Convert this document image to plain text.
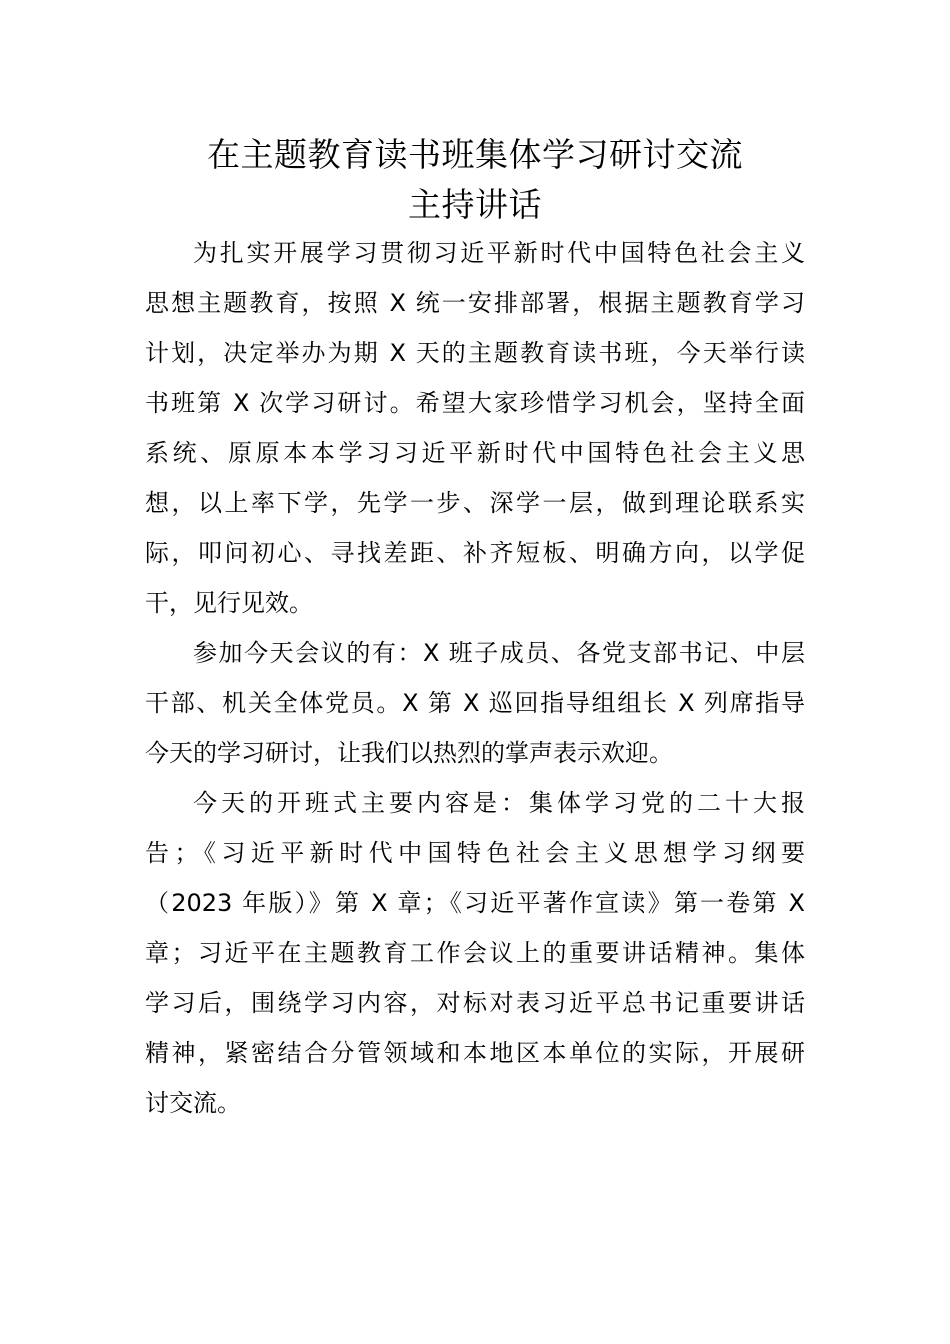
在主题教育读书班集体学习研讨交流
主持讲话
为扎实开展学习贯彻习近平新时代中国特色社会主义
思想主题教育，按照 X 统一安排部署，根据主题教育学习
计划，决定举办为期 X 天的主题教育读书班，今天举行读
书班第 X 次学习研讨。希望大家珍惜学习机会，坚持全面
系统、原原本本学习习近平新时代中国特色社会主义思
想，以上率下学，先学一步、深学一层，做到理论联系实
际，叩问初心、寻找差距、补齐短板、明确方向，以学促
干，见行见效。
参加今天会议的有：X 班子成员、各党支部书记、中层
干部、机关全体党员。X 第 X 巡回指导组组长 X 列席指导
今天的学习研讨，让我们以热烈的掌声表示欢迎。
今天的开班式主要内容是：集体学习党的二十大报
告；《习近平新时代中国特色社会主义思想学习纲要
（2023 年版）》第 X 章；《习近平著作宣读》第一卷第 X
章；习近平在主题教育工作会议上的重要讲话精神。集体
学习后，围绕学习内容，对标对表习近平总书记重要讲话
精神，紧密结合分管领域和本地区本单位的实际，开展研
讨交流。
